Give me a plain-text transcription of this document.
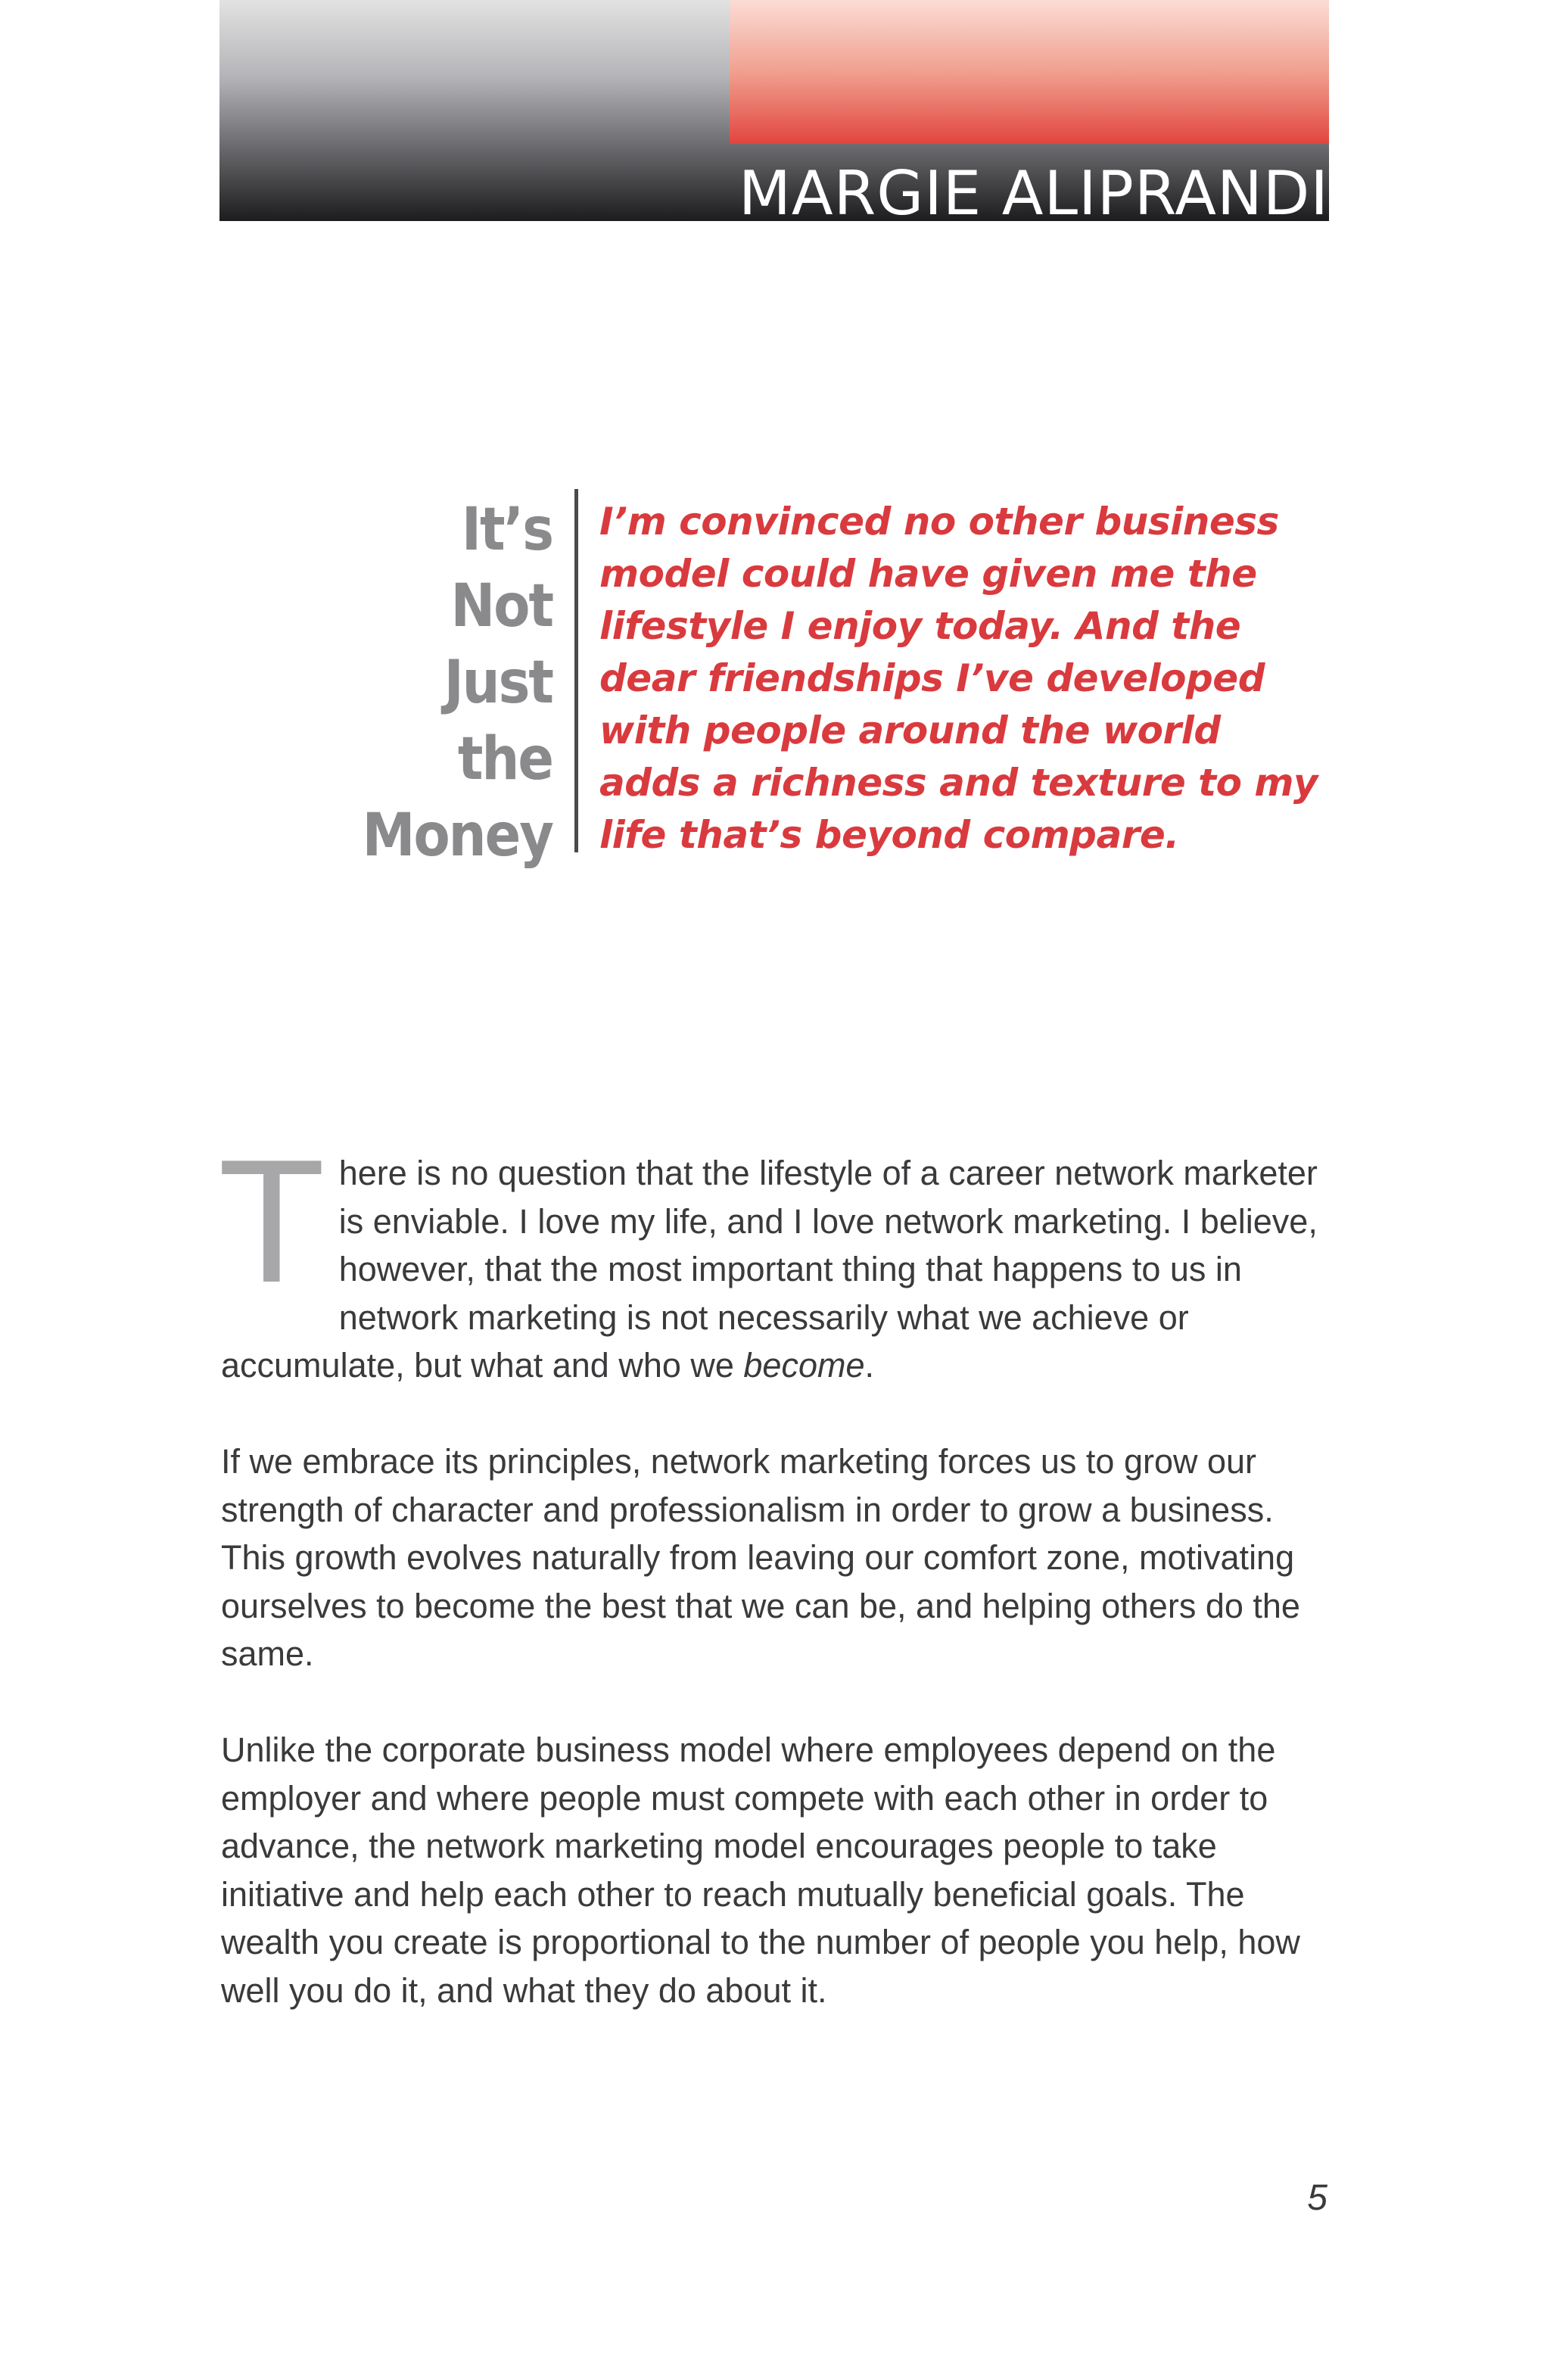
MARGIE ALIPRANDI
It’s
Not
Just
the
Money
I’m convinced no other business
model could have given me the
lifestyle I enjoy today. And the
dear friendships I’ve developed
with people around the world
adds a richness and texture to my
life that’s beyond compare.

There is no question that the lifestyle of a career network marketer is enviable. I love my life, and I love network marketing. I believe, however, that the most important thing that happens to us in network marketing is not necessarily what we achieve or accumulate, but what and who we become.

If we embrace its principles, network marketing forces us to grow our strength of character and professionalism in order to grow a business. This growth evolves naturally from leaving our comfort zone, motivating ourselves to become the best that we can be, and helping others do the same.

Unlike the corporate business model where employees depend on the employer and where people must compete with each other in order to advance, the network marketing model encourages people to take initiative and help each other to reach mutually beneficial goals. The wealth you create is proportional to the number of people you help, how well you do it, and what they do about it.

5
